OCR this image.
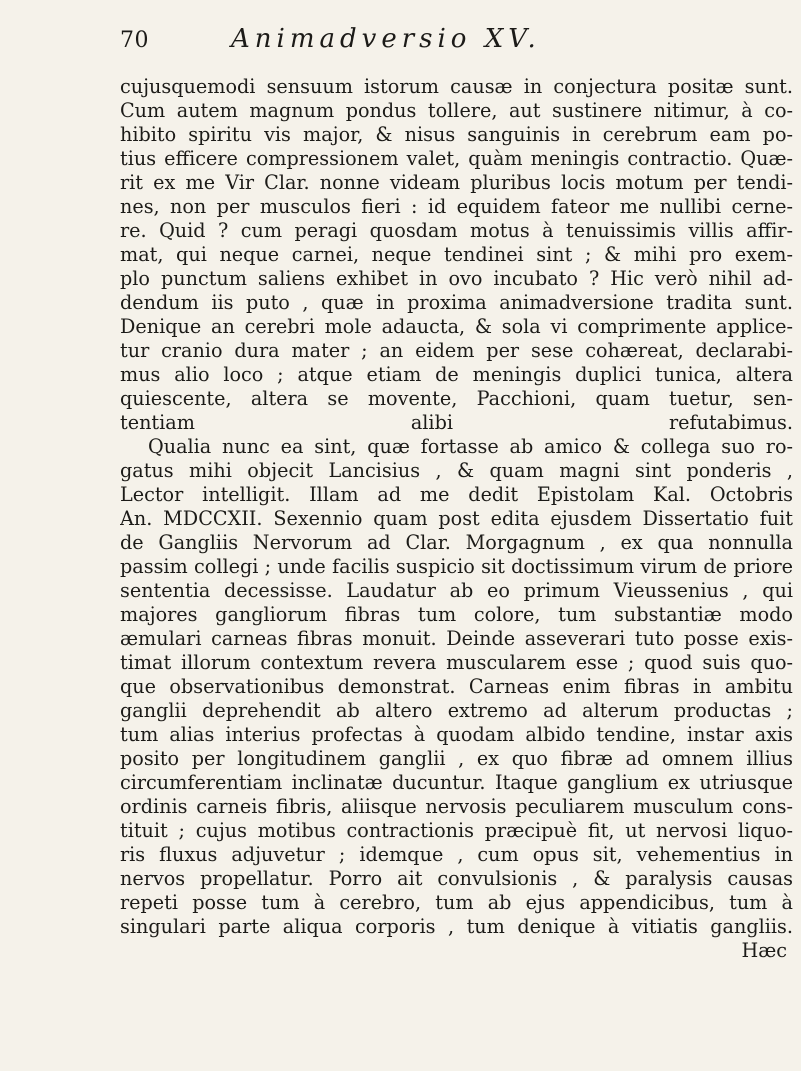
70	Animadversio XV.
cujusquemodi sensuum istorum causæ in conjectura positæ sunt.
Cum autem magnum pondus tollere, aut sustinere nitimur, à co-
hibito spiritu vis major, & nisus sanguinis in cerebrum eam po-
tius efficere compressionem valet, quàm meningis contractio. Quæ-
rit ex me Vir Clar. nonne videam pluribus locis motum per tendi-
nes, non per musculos fieri : id equidem fateor me nullibi cerne-
re. Quid ? cum peragi quosdam motus à tenuissimis villis affir-
mat, qui neque carnei, neque tendinei sint ; & mihi pro exem-
plo punctum saliens exhibet in ovo incubato ? Hic verò nihil ad-
dendum iis puto , quæ in proxima animadversione tradita sunt.
Denique an cerebri mole adaucta, & sola vi comprimente applice-
tur cranio dura mater ; an eidem per sese cohæreat, declarabi-
mus alio loco ; atque etiam de meningis duplici tunica, altera
quiescente, altera se movente, Pacchioni, quam tuetur, sen-
tentiam alibi refutabimus.
Qualia nunc ea sint, quæ fortasse ab amico & collega suo ro-
gatus mihi objecit Lancisius , & quam magni sint ponderis ,
Lector intelligit. Illam ad me dedit Epistolam Kal. Octobris
An. MDCCXII. Sexennio quam post edita ejusdem Dissertatio fuit
de Gangliis Nervorum ad Clar. Morgagnum , ex qua nonnulla
passim collegi ; unde facilis suspicio sit doctissimum virum de priore
sententia decessisse. Laudatur ab eo primum Vieussenius , qui
majores gangliorum fibras tum colore, tum substantiæ modo
æmulari carneas fibras monuit. Deinde asseverari tuto posse exis-
timat illorum contextum revera muscularem esse ; quod suis quo-
que observationibus demonstrat. Carneas enim fibras in ambitu
ganglii deprehendit ab altero extremo ad alterum productas ;
tum alias interius profectas à quodam albido tendine, instar axis
posito per longitudinem ganglii , ex quo fibræ ad omnem illius
circumferentiam inclinatæ ducuntur. Itaque ganglium ex utriusque
ordinis carneis fibris, aliisque nervosis peculiarem musculum cons-
tituit ; cujus motibus contractionis præcipuè fit, ut nervosi liquo-
ris fluxus adjuvetur ; idemque , cum opus sit, vehementius in
nervos propellatur. Porro ait convulsionis , & paralysis causas
repeti posse tum à cerebro, tum ab ejus appendicibus, tum à
singulari parte aliqua corporis , tum denique à vitiatis gangliis.
Hæc
